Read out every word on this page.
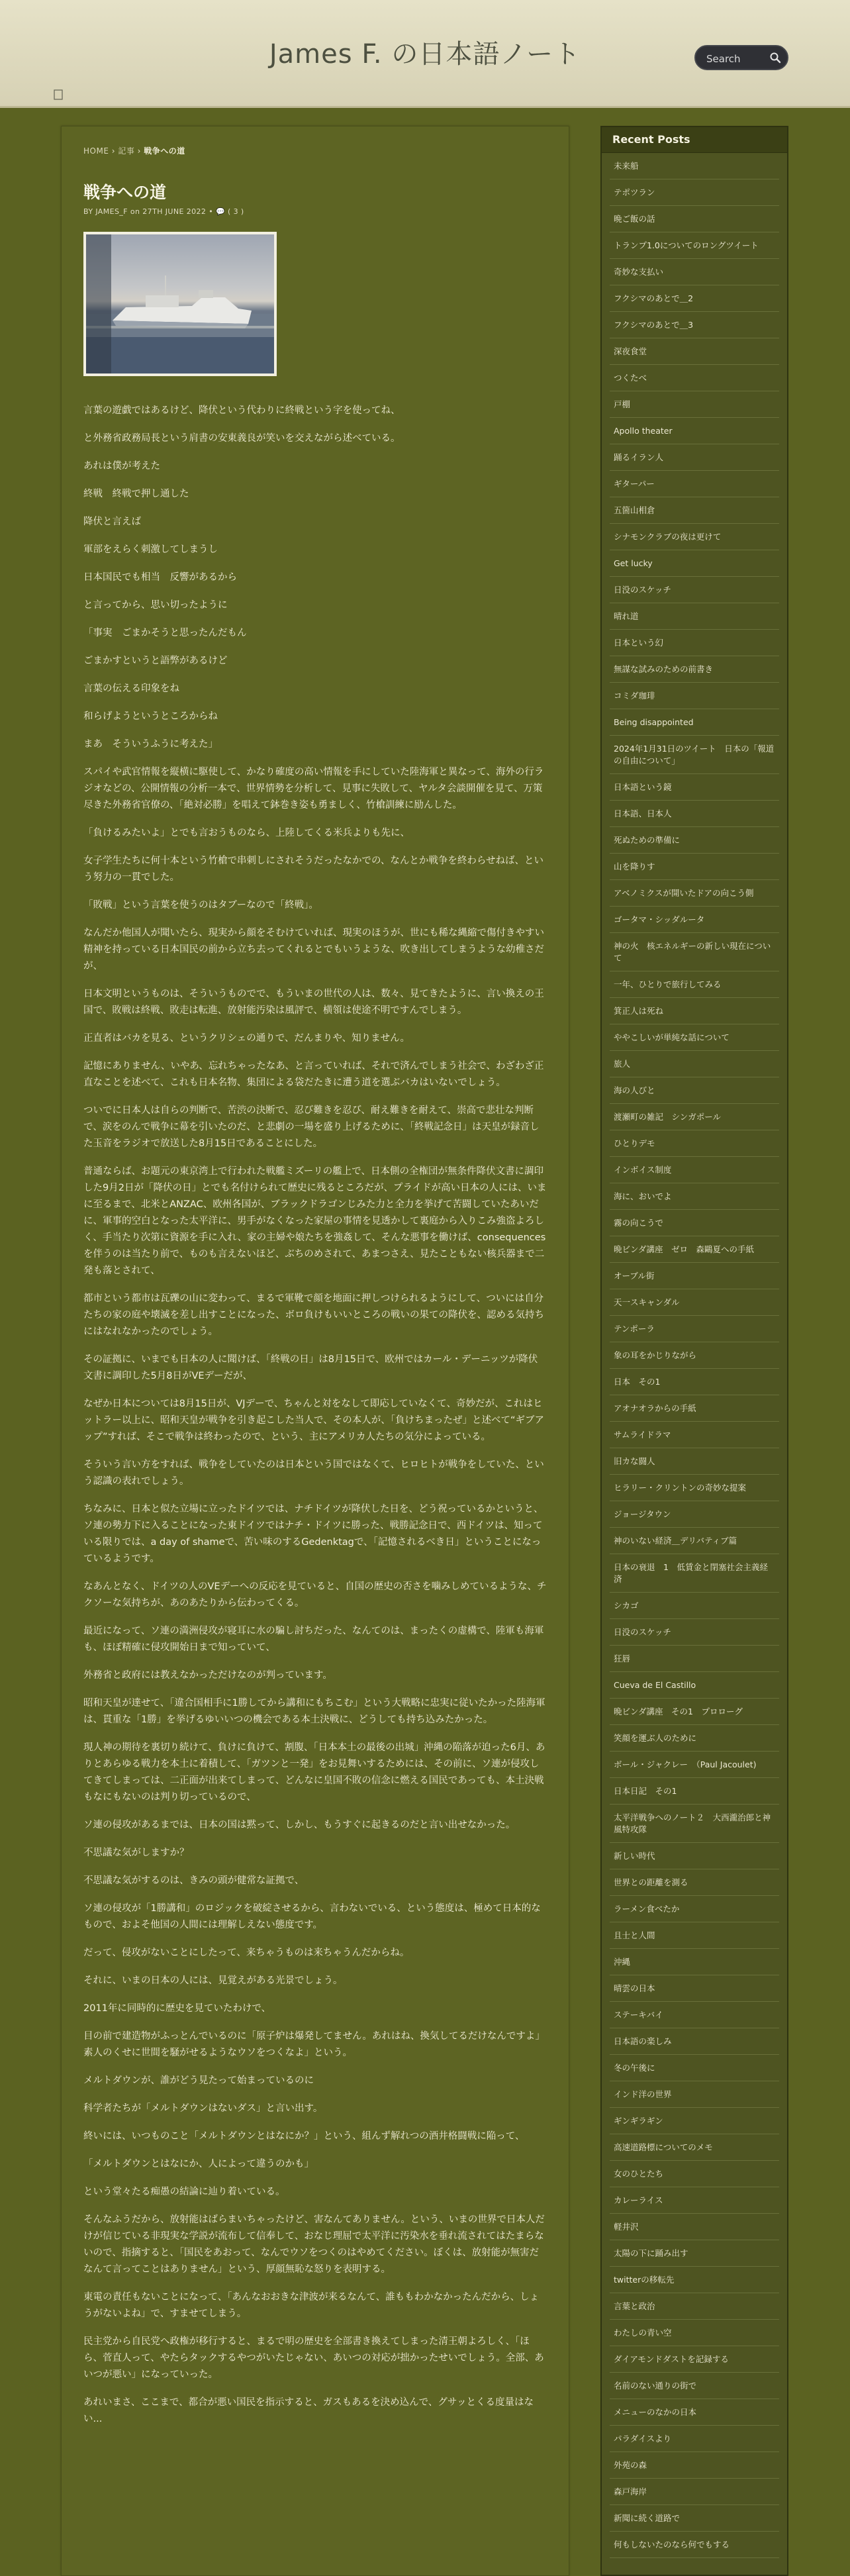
James F. の日本語ノート
Search
HOME › 記事 › 戦争への道
戦争への道
BY JAMES_F on 27TH JUNE 2022 • 💬 ( 3 )

言葉の遊戯ではあるけど、降伏という代わりに終戦という字を使ってね、

と外務省政務局長という肩書の安東義良が笑いを交えながら述べている。

あれは僕が考えた

終戦　終戦で押し通した

降伏と言えば

軍部をえらく刺激してしまうし

日本国民でも相当　反響があるから

と言ってから、思い切ったように

「事実　ごまかそうと思ったんだもん

ごまかすというと語弊があるけど

言葉の伝える印象をね

和らげようというところからね

まあ　そういうふうに考えた」

スパイや武官情報を縦横に駆使して、かなり確度の高い情報を手にしていた陸海軍と異なって、海外の行ラジオなどの、公開情報の分析一本で、世界情勢を分析して、見事に失敗して、ヤルタ会談開催を見て、万策尽きた外務省官僚の、「絶対必勝」を唱えて鉢巻き姿も勇ましく、竹槍訓練に励んした。

「負けるみたいよ」とでも言おうものなら、上陸してくる米兵よりも先に、

女子学生たちに何十本という竹槍で串刺しにされそうだったなかでの、なんとか戦争を終わらせねば、という努力の一貫でした。

「敗戦」という言葉を使うのはタブーなので「終戦」。

なんだか他国人が聞いたら、現実から顔をそむけていれば、現実のほうが、世にも稀な縄縮で傷付きやすい精神を持っている日本国民の前から立ち去ってくれるとでもいうような、吹き出してしまうような幼稚さだが、

日本文明というものは、そういうものでで、もういまの世代の人は、数々、見てきたように、言い換えの王国で、敗戦は終戦、敗走は転進、放射能汚染は風評で、横領は使途不明ですんでしまう。

正直者はバカを見る、というクリシェの通りで、だんまりや、知りません。

記憶にありません、いやあ、忘れちゃったなあ、と言っていれば、それで済んでしまう社会で、わざわざ正直なことを述べて、これも日本名物、集団による袋だたきに遭う道を選ぶバカはいないでしょう。

ついでに日本人は自らの判断で、苦渋の決断で、忍び難きを忍び、耐え難きを耐えて、崇高で悲壮な判断で、涙をのんで戦争に幕を引いたのだ、と悲劇の一場を盛り上げるために、「終戦記念日」は天皇が録音した玉音をラジオで放送した8月15日であることにした。

普通ならば、お題元の東京湾上で行われた戦艦ミズーリの艦上で、日本側の全権団が無条件降伏文書に調印した9月2日が「降伏の日」とでも名付けられて歴史に残るところだが、プライドが高い日本の人には、いまに至るまで、北米とANZAC、欧州各国が、ブラックドラゴンじみた力と全力を挙げて苦闘していたあいだに、軍事的空白となった太平洋に、男手がなくなった家屋の事情を見透かして裏庭から入りこみ強盗よろしく、手当たり次第に資源を手に入れ、家の主婦や娘たちを強姦して、そんな悪事を働けば、consequencesを伴うのは当たり前で、ものも言えないほど、ぶちのめされて、あまつさえ、見たこともない核兵器まで二発も落とされて、

都市という都市は瓦礫の山に変わって、まるで軍靴で顔を地面に押しつけられるようにして、ついには自分たちの家の庭や壊滅を差し出すことになった、ボロ負けもいいところの戦いの果ての降伏を、認める気持ちにはなれなかったのでしょう。

その証拠に、いまでも日本の人に聞けば、「終戦の日」は8月15日で、欧州ではカール・デーニッツが降伏文書に調印した5月8日がVEデーだが、

なぜか日本については8月15日が、VJデーで、ちゃんと対をなして即応していなくて、奇妙だが、これはヒットラー以上に、昭和天皇が戦争を引き起こした当人で、その本人が、「負けちまったぜ」と述べて“ギブアップ”すれば、そこで戦争は終わったので、という、主にアメリカ人たちの気分によっている。

そういう言い方をすれば、戦争をしていたのは日本という国ではなくて、ヒロヒトが戦争をしていた、という認識の表れでしょう。

ちなみに、日本と似た立場に立ったドイツでは、ナチドイツが降伏した日を、どう祝っているかというと、ソ連の勢力下に入ることになった東ドイツではナチ・ドイツに勝った、戦勝記念日で、西ドイツは、知っている限りでは、a day of shameで、苦い味のするGedenktagで、「記憶されるべき日」ということになっているようです。

なあんとなく、ドイツの人のVEデーへの反応を見ていると、自国の歴史の否さを噛みしめているような、チクソーな気持ちが、あのあたりから伝わってくる。

最近になって、ソ連の満洲侵攻が寝耳に水の騙し討ちだった、なんてのは、まったくの虚構で、陸軍も海軍も、ほぼ精確に侵攻開始日まで知っていて、

外務省と政府には教えなかっただけなのが判っています。

昭和天皇が達せて、「違合国相手に1勝してから講和にもちこむ」という大戦略に忠実に従いたかった陸海軍は、貫重な「1勝」を挙げるゆいいつの機会である本土決戦に、どうしても持ち込みたかった。

現人神の期待を裏切り続けて、負けに負けて、割腹、「日本本土の最後の出城」沖縄の陥落が迫った6月、ありとあらゆる戦力を本土に着積して、「ガツンと一発」をお見舞いするためには、その前に、ソ連が侵攻してきてしまっては、二正面が出来てしまって、どんなに皇国不敗の信念に燃える国民であっても、本土決戦もなにもないのは判り切っているので、

ソ連の侵攻があるまでは、日本の国は黙って、しかし、もうすぐに起きるのだと言い出せなかった。

不思議な気がしますか？

不思議な気がするのは、きみの頭が健常な証拠で、

ソ連の侵攻が「1勝講和」のロジックを破綻させるから、言わないでいる、という態度は、極めて日本的なもので、およそ他国の人間には理解しえない態度です。

だって、侵攻がないことにしたって、来ちゃうものは来ちゃうんだからね。

それに、いまの日本の人には、見覚えがある光景でしょう。

2011年に同時的に歴史を見ていたわけで、

目の前で建造物がふっとんでいるのに「原子炉は爆発してません。あれはね、換気してるだけなんですよ」素人のくせに世間を騒がせるようなウソをつくなよ」という。

メルトダウンが、誰がどう見たって始まっているのに

科学者たちが「メルトダウンはないダス」と言い出す。

終いには、いつものこと「メルトダウンとはなにか？」という、組んず解れつの酒井格闘戦に陥って、

「メルトダウンとはなにか、人によって違うのかも」

という堂々たる痴愚の結論に辿り着いている。

そんなふうだから、放射能はばらまいちゃったけど、害なんてありません。という、いまの世界で日本人だけが信じている非現実な学説が流布して信奉して、おなじ理屈で太平洋に汚染水を垂れ流されてはたまらないので、指摘すると、「国民をあおって、なんでウソをつくのはやめてください。ぼくは、放射能が無害だなんて言ってことはありません」という、厚顔無恥な怒りを表明する。

東電の責任もないことになって、「あんなおおきな津波が来るなんて、誰ももわかなかったんだから、しょうがないよね」で、すませてしまう。

民主党から自民党へ政権が移行すると、まるで明の歴史を全部書き換えてしまった清王朝よろしく、「ほら、菅直人って、やたらタックするやつがいたじゃない、あいつの対応が拙かったせいでしょう。全部、あいつが悪い」になっていった。

あれいまさ、ここまで、都合が悪い国民を指示すると、ガスもあるを決め込んで、グサッとくる度量はない...

Recent Posts
未来船
テポツラン
晩ご飯の話
トランプ1.0についてのロングツイート
奇妙な支払い
フクシマのあとで＿2
フクシマのあとで＿3
深夜食堂
つくたべ
戸棚
Apollo theater
踊るイラン人
ギターパー
五箇山相倉
シナモンクラブの夜は更けて
Get lucky
日没のスケッチ
晴れ道
日本という幻
無謀な試みのための前書き
コミダ珈琲
Being disappointed
2024年1月31日のツイート　日本の「報道の自由について」
日本語という鏡
日本語、日本人
死ぬための準備に
山を降りす
アベノミクスが開いたドアの向こう側
ゴータマ・シッダルータ
神の火　核エネルギーの新しい現在について
一年、ひとりで旅行してみる
箕正人は死ね
ややこしいが単純な話について
旅人
海の人びと
渡瀬町の雑記　シンガポール
ひとりデモ
インボイス制度
海に、おいでよ
霧の向こうで
晩ビンダ講座　ゼロ　森鷗夏への手紙
オーブル街
天一スキャンダル
テンポーラ
象の耳をかじりながら
日本　その1
アオナオラからの手紙
サムライドラマ
旧カな闘人
ヒラリー・クリントンの奇妙な提案
ジョージタウン
神のいない経済＿デリバティブ篇
日本の衰退　1　低賃金と閉塞社会主義経済
シカゴ
日没のスケッチ
狂唇
Cueva de El Castillo
晩ビンダ講座　その1　プロローグ
笑顔を運ぶ人のために
ボール・ジャクレー　（Paul Jacoulet)
日本日記　その1
太平洋戦争へのノート２　大西瀧治郎と神風特攻隊
新しい時代
世界との距離を測る
ラーメン食べたか
且士と人間
沖縄
晴雲の日本
ステーキバイ
日本語の楽しみ
冬の午後に
インド洋の世界
ギンギラギン
高速道路標についてのメモ
女のひとたち
カレーライス
軽井沢
太陽の下に踊み出す
twitterの移転先
言葉と政治
わたしの青い空
ダイアモンドダストを記録する
名前のない通りの街で
メニューのなかの日本
パラダイスより
外苑の森
森戸海岸
新聞に続く道路で
何もしないたのなら何でもする
